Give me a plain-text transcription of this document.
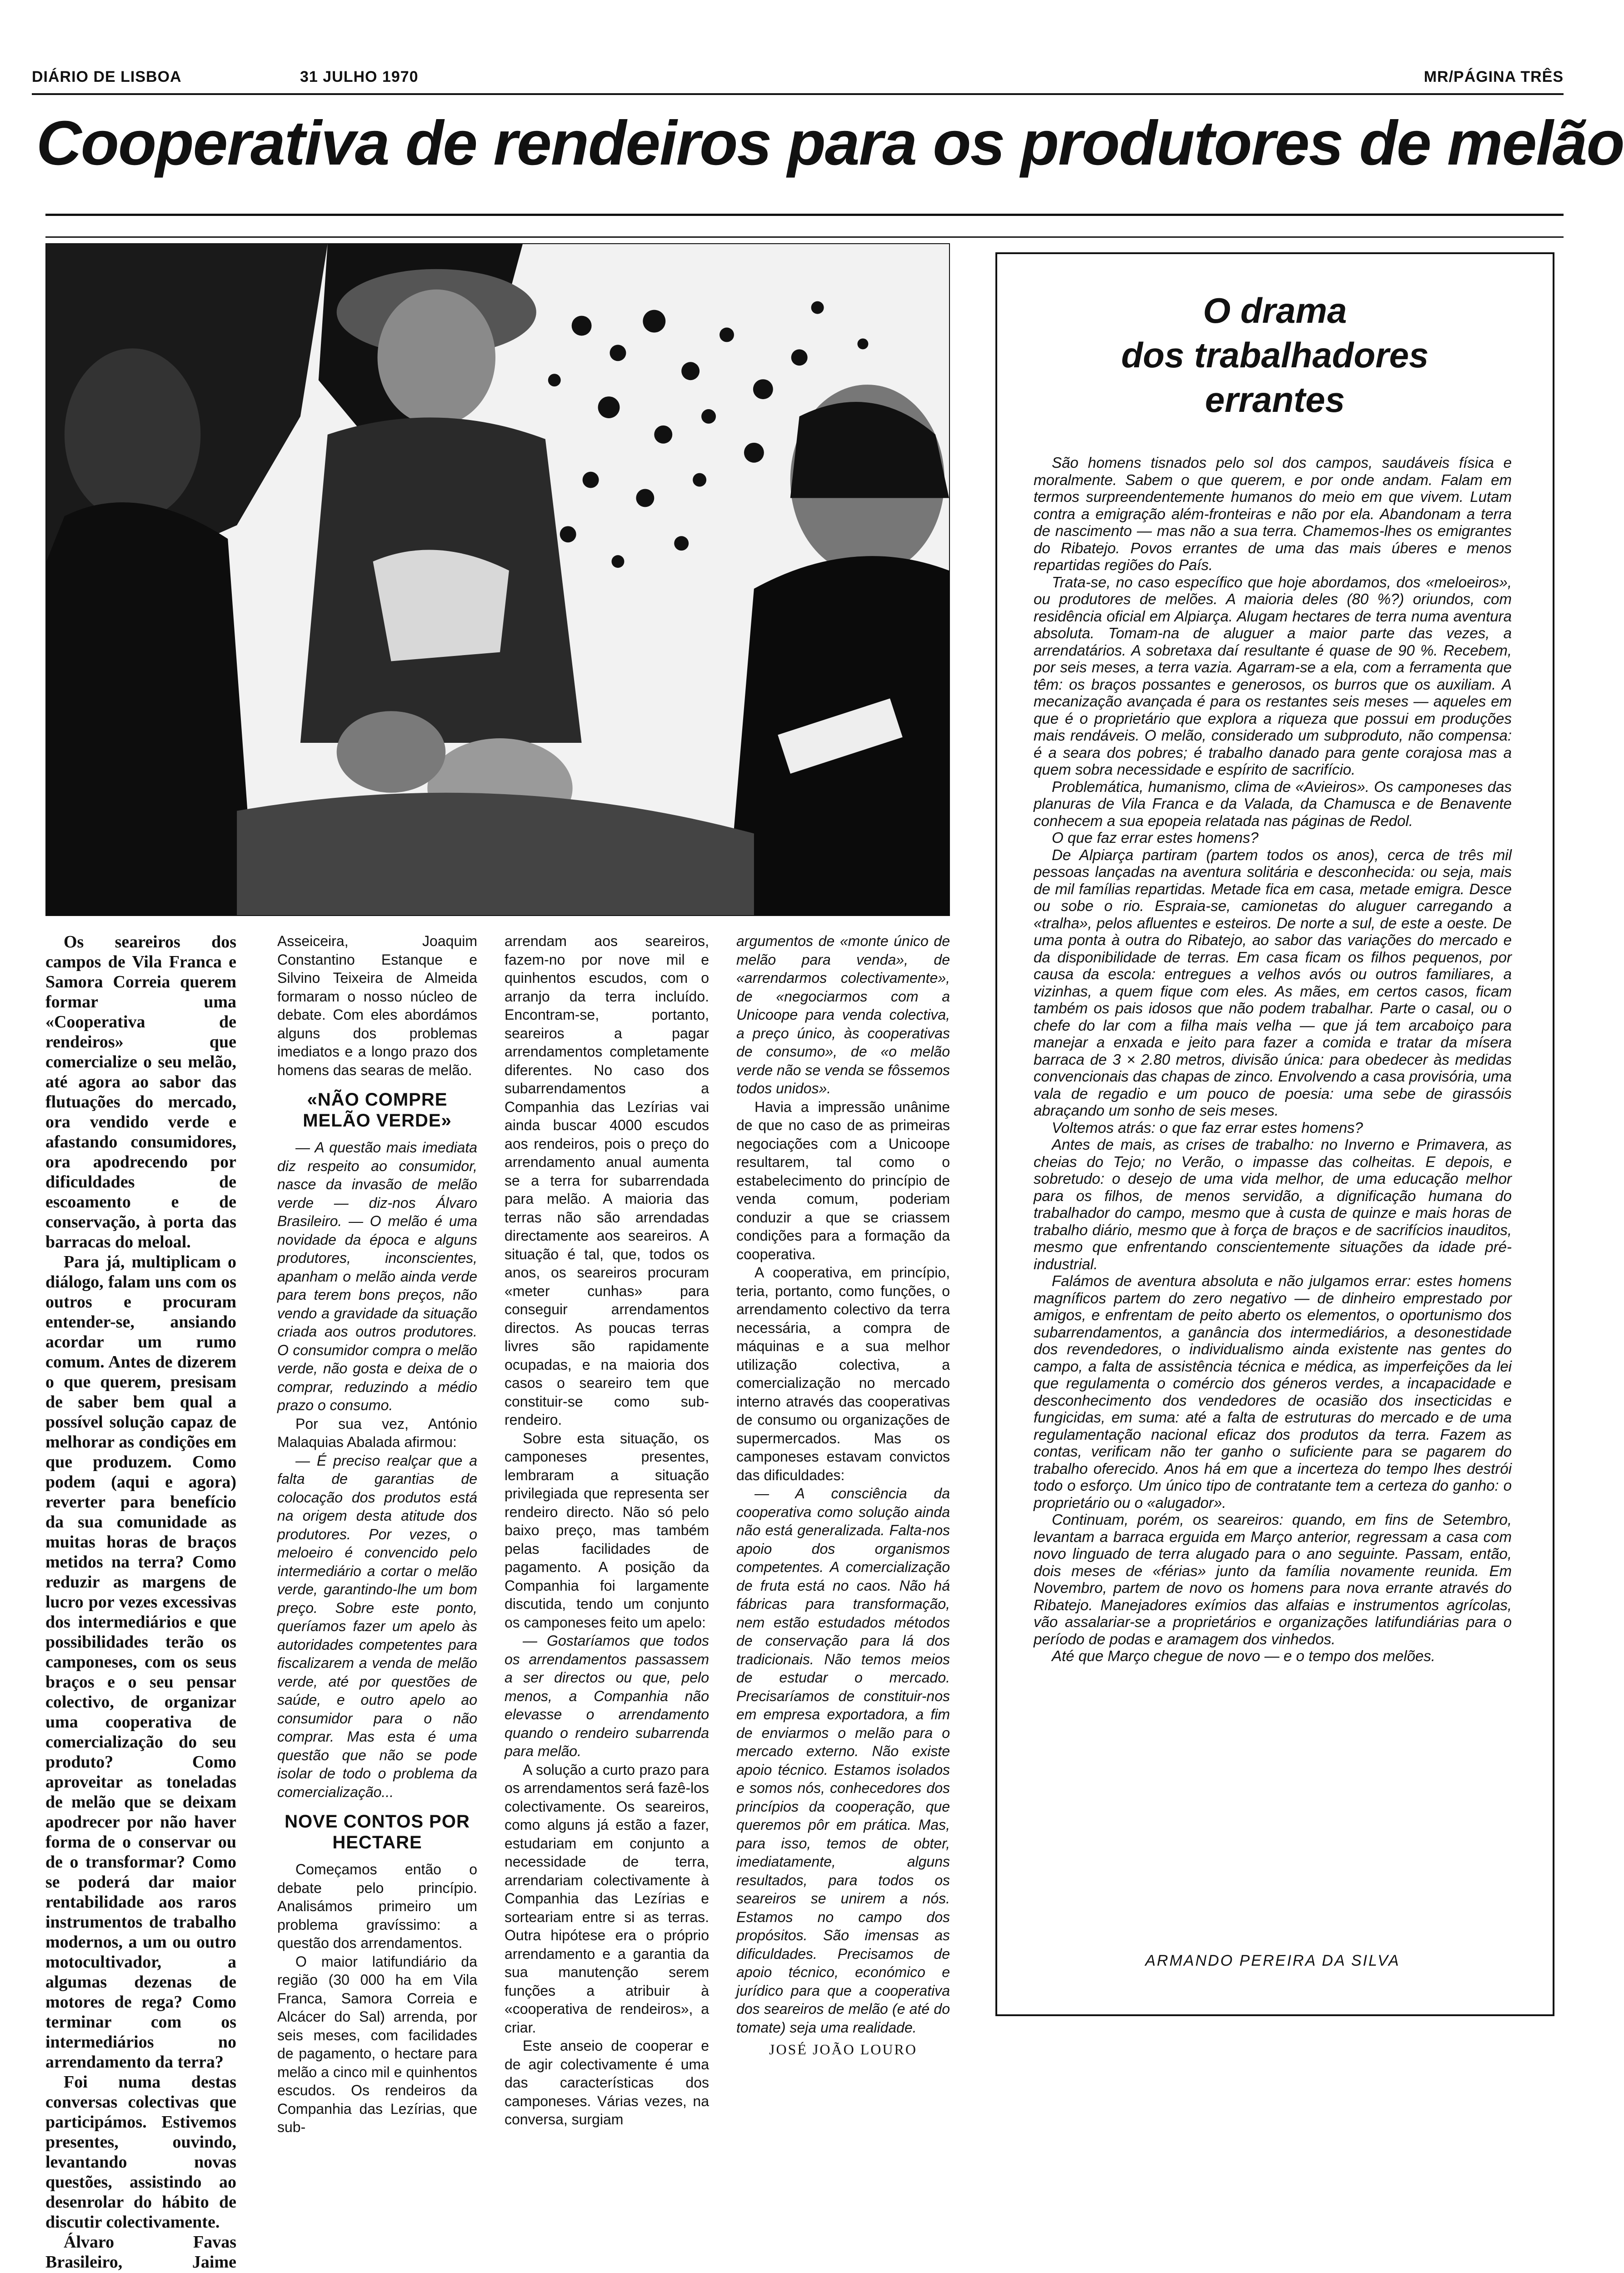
DIÁRIO DE LISBOA	31 JULHO 1970	MR/PÁGINA TRÊS
Cooperativa de rendeiros para os produtores de melão

Os seareiros dos campos de Vila Franca e Samora Correia querem formar uma «Cooperativa de rendeiros» que comercialize o seu melão, até agora ao sabor das flutuações do mercado, ora vendido verde e afastando consumidores, ora apodrecendo por dificuldades de escoamento e de conservação, à porta das barracas do meloal.

Para já, multiplicam o diálogo, falam uns com os outros e procuram entender-se, ansiando acordar um rumo comum. Antes de dizerem o que querem, presisam de saber bem qual a possível solução capaz de melhorar as condições em que produzem. Como podem (aqui e agora) reverter para benefício da sua comunidade as muitas horas de braços metidos na terra? Como reduzir as margens de lucro por vezes excessivas dos intermediários e que possibilidades terão os camponeses, com os seus braços e o seu pensar colectivo, de organizar uma cooperativa de comercialização do seu produto? Como aproveitar as toneladas de melão que se deixam apodrecer por não haver forma de o conservar ou de o transformar? Como se poderá dar maior rentabilidade aos raros instrumentos de trabalho modernos, a um ou outro motocultivador, a algumas dezenas de motores de rega? Como terminar com os intermediários no arrendamento da terra?

Foi numa destas conversas colectivas que participámos. Estivemos presentes, ouvindo, levantando novas questões, assistindo ao desenrolar do hábito de discutir colectivamente.

Álvaro Favas Brasileiro, Jaime

Asseiceira, Joaquim Constantino Estanque e Silvino Teixeira de Almeida formaram o nosso núcleo de debate. Com eles abordámos alguns dos problemas imediatos e a longo prazo dos homens das searas de melão.

«NÃO COMPRE MELÃO VERDE»

— A questão mais imediata diz respeito ao consumidor, nasce da invasão de melão verde — diz-nos Álvaro Brasileiro. — O melão é uma novidade da época e alguns produtores, inconscientes, apanham o melão ainda verde para terem bons preços, não vendo a gravidade da situação criada aos outros produtores. O consumidor compra o melão verde, não gosta e deixa de o comprar, reduzindo a médio prazo o consumo.

Por sua vez, António Malaquias Abalada afirmou:

— É preciso realçar que a falta de garantias de colocação dos produtos está na origem desta atitude dos produtores. Por vezes, o meloeiro é convencido pelo intermediário a cortar o melão verde, garantindo-lhe um bom preço. Sobre este ponto, queríamos fazer um apelo às autoridades competentes para fiscalizarem a venda de melão verde, até por questões de saúde, e outro apelo ao consumidor para o não comprar. Mas esta é uma questão que não se pode isolar de todo o problema da comercialização...

NOVE CONTOS POR HECTARE

Começamos então o debate pelo princípio. Analisámos primeiro um problema gravíssimo: a questão dos arrendamentos.

O maior latifundiário da região (30 000 ha em Vila Franca, Samora Correia e Alcácer do Sal) arrenda, por seis meses, com facilidades de pagamento, o hectare para melão a cinco mil e quinhentos escudos. Os rendeiros da Companhia das Lezírias, que sub-

arrendam aos seareiros, fazem-no por nove mil e quinhentos escudos, com o arranjo da terra incluído. Encontram-se, portanto, seareiros a pagar arrendamentos completamente diferentes. No caso dos subarrendamentos a Companhia das Lezírias vai ainda buscar 4000 escudos aos rendeiros, pois o preço do arrendamento anual aumenta se a terra for subarrendada para melão. A maioria das terras não são arrendadas directamente aos seareiros. A situação é tal, que, todos os anos, os seareiros procuram «meter cunhas» para conseguir arrendamentos directos. As poucas terras livres são rapidamente ocupadas, e na maioria dos casos o seareiro tem que constituir-se como sub-rendeiro.

Sobre esta situação, os camponeses presentes, lembraram a situação privilegiada que representa ser rendeiro directo. Não só pelo baixo preço, mas também pelas facilidades de pagamento. A posição da Companhia foi largamente discutida, tendo um conjunto os camponeses feito um apelo:

— Gostaríamos que todos os arrendamentos passassem a ser directos ou que, pelo menos, a Companhia não elevasse o arrendamento quando o rendeiro subarrenda para melão.

A solução a curto prazo para os arrendamentos será fazê-los colectivamente. Os seareiros, como alguns já estão a fazer, estudariam em conjunto a necessidade de terra, arrendariam colectivamente à Companhia das Lezírias e sorteariam entre si as terras. Outra hipótese era o próprio arrendamento e a garantia da sua manutenção serem funções a atribuir à «cooperativa de rendeiros», a criar.

Este anseio de cooperar e de agir colectivamente é uma das características dos camponeses. Várias vezes, na conversa, surgiam

argumentos de «monte único de melão para venda», de «arrendarmos colectivamente», de «negociarmos com a Unicoope para venda colectiva, a preço único, às cooperativas de consumo», de «o melão verde não se venda se fôssemos todos unidos».

Havia a impressão unânime de que no caso de as primeiras negociações com a Unicoope resultarem, tal como o estabelecimento do princípio de venda comum, poderiam conduzir a que se criassem condições para a formação da cooperativa.

A cooperativa, em princípio, teria, portanto, como funções, o arrendamento colectivo da terra necessária, a compra de máquinas e a sua melhor utilização colectiva, a comercialização no mercado interno através das cooperativas de consumo ou organizações de supermercados. Mas os camponeses estavam convictos das dificuldades:

— A consciência da cooperativa como solução ainda não está generalizada. Falta-nos apoio dos organismos competentes. A comercialização de fruta está no caos. Não há fábricas para transformação, nem estão estudados métodos de conservação para lá dos tradicionais. Não temos meios de estudar o mercado. Precisaríamos de constituir-nos em empresa exportadora, a fim de enviarmos o melão para o mercado externo. Não existe apoio técnico. Estamos isolados e somos nós, conhecedores dos princípios da cooperação, que queremos pôr em prática. Mas, para isso, temos de obter, imediatamente, alguns resultados, para todos os seareiros se unirem a nós. Estamos no campo dos propósitos. São imensas as dificuldades. Precisamos de apoio técnico, económico e jurídico para que a cooperativa dos seareiros de melão (e até do tomate) seja uma realidade.

JOSÉ JOÃO LOURO
O drama
dos trabalhadores
errantes

São homens tisnados pelo sol dos campos, saudáveis física e moralmente. Sabem o que querem, e por onde andam. Falam em termos surpreendentemente humanos do meio em que vivem. Lutam contra a emigração além-fronteiras e não por ela. Abandonam a terra de nascimento — mas não a sua terra. Chamemos-lhes os emigrantes do Ribatejo. Povos errantes de uma das mais úberes e menos repartidas regiões do País.

Trata-se, no caso específico que hoje abordamos, dos «meloeiros», ou produtores de melões. A maioria deles (80 %?) oriundos, com residência oficial em Alpiarça. Alugam hectares de terra numa aventura absoluta. Tomam-na de aluguer a maior parte das vezes, a arrendatários. A sobretaxa daí resultante é quase de 90 %. Recebem, por seis meses, a terra vazia. Agarram-se a ela, com a ferramenta que têm: os braços possantes e generosos, os burros que os auxiliam. A mecanização avançada é para os restantes seis meses — aqueles em que é o proprietário que explora a riqueza que possui em produções mais rendáveis. O melão, considerado um subproduto, não compensa: é a seara dos pobres; é trabalho danado para gente corajosa mas a quem sobra necessidade e espírito de sacrifício.

Problemática, humanismo, clima de «Avieiros». Os camponeses das planuras de Vila Franca e da Valada, da Chamusca e de Benavente conhecem a sua epopeia relatada nas páginas de Redol.

O que faz errar estes homens?

De Alpiarça partiram (partem todos os anos), cerca de três mil pessoas lançadas na aventura solitária e desconhecida: ou seja, mais de mil famílias repartidas. Metade fica em casa, metade emigra. Desce ou sobe o rio. Espraia-se, camionetas do aluguer carregando a «tralha», pelos afluentes e esteiros. De norte a sul, de este a oeste. De uma ponta à outra do Ribatejo, ao sabor das variações do mercado e da disponibilidade de terras. Em casa ficam os filhos pequenos, por causa da escola: entregues a velhos avós ou outros familiares, a vizinhas, a quem fique com eles. As mães, em certos casos, ficam também os pais idosos que não podem trabalhar. Parte o casal, ou o chefe do lar com a filha mais velha — que já tem arcaboiço para manejar a enxada e jeito para fazer a comida e tratar da mísera barraca de 3 × 2.80 metros, divisão única: para obedecer às medidas convencionais das chapas de zinco. Envolvendo a casa provisória, uma vala de regadio e um pouco de poesia: uma sebe de girassóis abraçando um sonho de seis meses.

Voltemos atrás: o que faz errar estes homens?

Antes de mais, as crises de trabalho: no Inverno e Primavera, as cheias do Tejo; no Verão, o impasse das colheitas. E depois, e sobretudo: o desejo de uma vida melhor, de uma educação melhor para os filhos, de menos servidão, a dignificação humana do trabalhador do campo, mesmo que à custa de quinze e mais horas de trabalho diário, mesmo que à força de braços e de sacrifícios inauditos, mesmo que enfrentando conscientemente situações da idade pré-industrial.

Falámos de aventura absoluta e não julgamos errar: estes homens magníficos partem do zero negativo — de dinheiro emprestado por amigos, e enfrentam de peito aberto os elementos, o oportunismo dos subarrendamentos, a ganância dos intermediários, a desonestidade dos revendedores, o individualismo ainda existente nas gentes do campo, a falta de assistência técnica e médica, as imperfeições da lei que regulamenta o comércio dos géneros verdes, a incapacidade e desconhecimento dos vendedores de ocasião dos insecticidas e fungicidas, em suma: até a falta de estruturas do mercado e de uma regulamentação nacional eficaz dos produtos da terra. Fazem as contas, verificam não ter ganho o suficiente para se pagarem do trabalho oferecido. Anos há em que a incerteza do tempo lhes destrói todo o esforço. Um único tipo de contratante tem a certeza do ganho: o proprietário ou o «alugador».

Continuam, porém, os seareiros: quando, em fins de Setembro, levantam a barraca erguida em Março anterior, regressam a casa com novo linguado de terra alugado para o ano seguinte. Passam, então, dois meses de «férias» junto da família novamente reunida. Em Novembro, partem de novo os homens para nova errante através do Ribatejo. Manejadores exímios das alfaias e instrumentos agrícolas, vão assalariar-se a proprietários e organizações latifundiárias para o período de podas e aramagem dos vinhedos.

Até que Março chegue de novo — e o tempo dos melões.

ARMANDO PEREIRA DA SILVA
